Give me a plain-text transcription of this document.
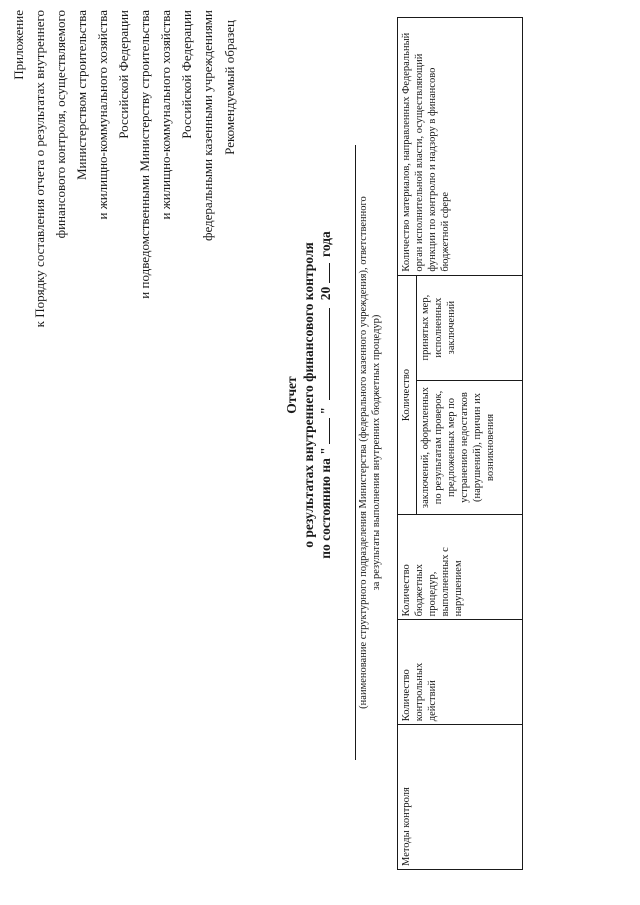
Приложение к Порядку составления отчета о результатах внутреннего финансового контроля, осуществляемого Министерством строительства и жилищно-коммунального хозяйства Российской Федерации и подведомственными Министерству строительства и жилищно-коммунального хозяйства Российской Федерации федеральными казенными учреждениями Рекомендуемый образец
Отчет о результатах внутреннего финансового контроля по состоянию на "  "  20  года (наименование структурного подразделения Министерства (федерального казенного учреждения), ответственного за результаты выполнения внутренних бюджетных процедур)
Методы контроля	Количество контрольных действий	Количество бюджетных процедур, выполненных с нарушением	Количество		Количество материалов, направленных Федеральный орган исполнительной власти, осуществляющий функции по контролю и надзору в финансово бюджетной сфере
			заключений, оформленных по результатам проверок, предложенных мер по устранению недостатков (нарушений), причин их возникновения	принятых мер, исполненных заключений	
